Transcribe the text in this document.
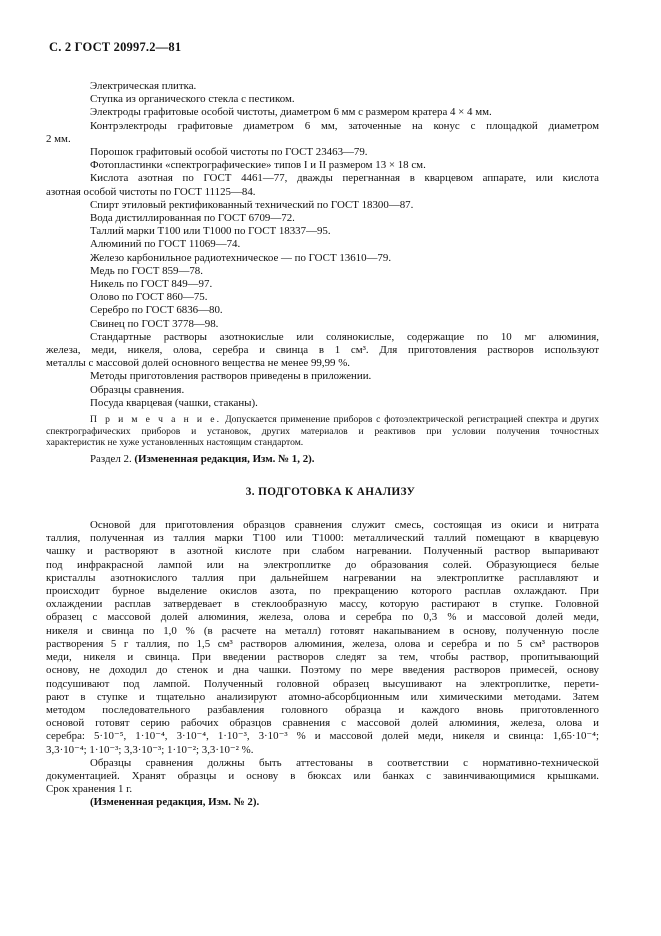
С. 2 ГОСТ 20997.2—81
Электрическая плитка.
Ступка из органического стекла с пестиком.
Электроды графитовые особой чистоты, диаметром 6 мм с размером кратера 4 × 4 мм.
Контрэлектроды графитовые диаметром 6 мм, заточенные на конус с площадкой диаметром
2 мм.
Порошок графитовый особой чистоты по ГОСТ 23463—79.
Фотопластинки «спектрографические» типов I и II размером 13 × 18 см.
Кислота азотная по ГОСТ 4461—77, дважды перегнанная в кварцевом аппарате, или кислота
азотная особой чистоты по ГОСТ 11125—84.
Спирт этиловый ректификованный технический по ГОСТ 18300—87.
Вода дистиллированная по ГОСТ 6709—72.
Таллий марки Т100 или Т1000 по ГОСТ 18337—95.
Алюминий по ГОСТ 11069—74.
Железо карбонильное радиотехническое — по ГОСТ 13610—79.
Медь по ГОСТ 859—78.
Никель по ГОСТ 849—97.
Олово по ГОСТ 860—75.
Серебро по ГОСТ 6836—80.
Свинец по ГОСТ 3778—98.
Стандартные растворы азотнокислые или солянокислые, содержащие по 10 мг алюминия,
железа, меди, никеля, олова, серебра и свинца в 1 см³. Для приготовления растворов используют
металлы с массовой долей основного вещества не менее 99,99 %.
Методы приготовления растворов приведены в приложении.
Образцы сравнения.
Посуда кварцевая (чашки, стаканы).
П р и м е ч а н и е. Допускается применение приборов с фотоэлектрической регистрацией спектра и других
спектрографических приборов и установок, других материалов и реактивов при условии получения точностных
характеристик не хуже установленных настоящим стандартом.
Раздел 2. (Измененная редакция, Изм. № 1, 2).
3. ПОДГОТОВКА К АНАЛИЗУ
Основой для приготовления образцов сравнения служит смесь, состоящая из окиси и нитрата
таллия, полученная из таллия марки Т100 или Т1000: металлический таллий помещают в кварцевую
чашку и растворяют в азотной кислоте при слабом нагревании. Полученный раствор выпаривают
под инфракрасной лампой или на электроплитке до образования солей. Образующиеся белые
кристаллы азотнокислого таллия при дальнейшем нагревании на электроплитке расплавляют и
происходит бурное выделение окислов азота, по прекращению которого расплав охлаждают. При
охлаждении расплав затвердевает в стеклообразную массу, которую растирают в ступке. Головной
образец с массовой долей алюминия, железа, олова и серебра по 0,3 % и массовой долей меди,
никеля и свинца по 1,0 % (в расчете на металл) готовят накапыванием в основу, полученную после
растворения 5 г таллия, по 1,5 см³ растворов алюминия, железа, олова и серебра и по 5 см³ растворов
меди, никеля и свинца. При введении растворов следят за тем, чтобы раствор, пропитывающий
основу, не доходил до стенок и дна чашки. Поэтому по мере введения растворов примесей, основу
подсушивают под лампой. Полученный головной образец высушивают на электроплитке, перети-
рают в ступке и тщательно анализируют атомно-абсорбционным или химическими методами. Затем
методом последовательного разбавления головного образца и каждого вновь приготовленного
основой готовят серию рабочих образцов сравнения с массовой долей алюминия, железа, олова и
серебра: 5·10⁻⁵, 1·10⁻⁴, 3·10⁻⁴, 1·10⁻³, 3·10⁻³ % и массовой долей меди, никеля и свинца: 1,65·10⁻⁴;
3,3·10⁻⁴; 1·10⁻³; 3,3·10⁻³; 1·10⁻²; 3,3·10⁻² %.
Образцы сравнения должны быть аттестованы в соответствии с нормативно-технической
документацией. Хранят образцы и основу в бюксах или банках с завинчивающимися крышками.
Срок хранения 1 г.
(Измененная редакция, Изм. № 2).
